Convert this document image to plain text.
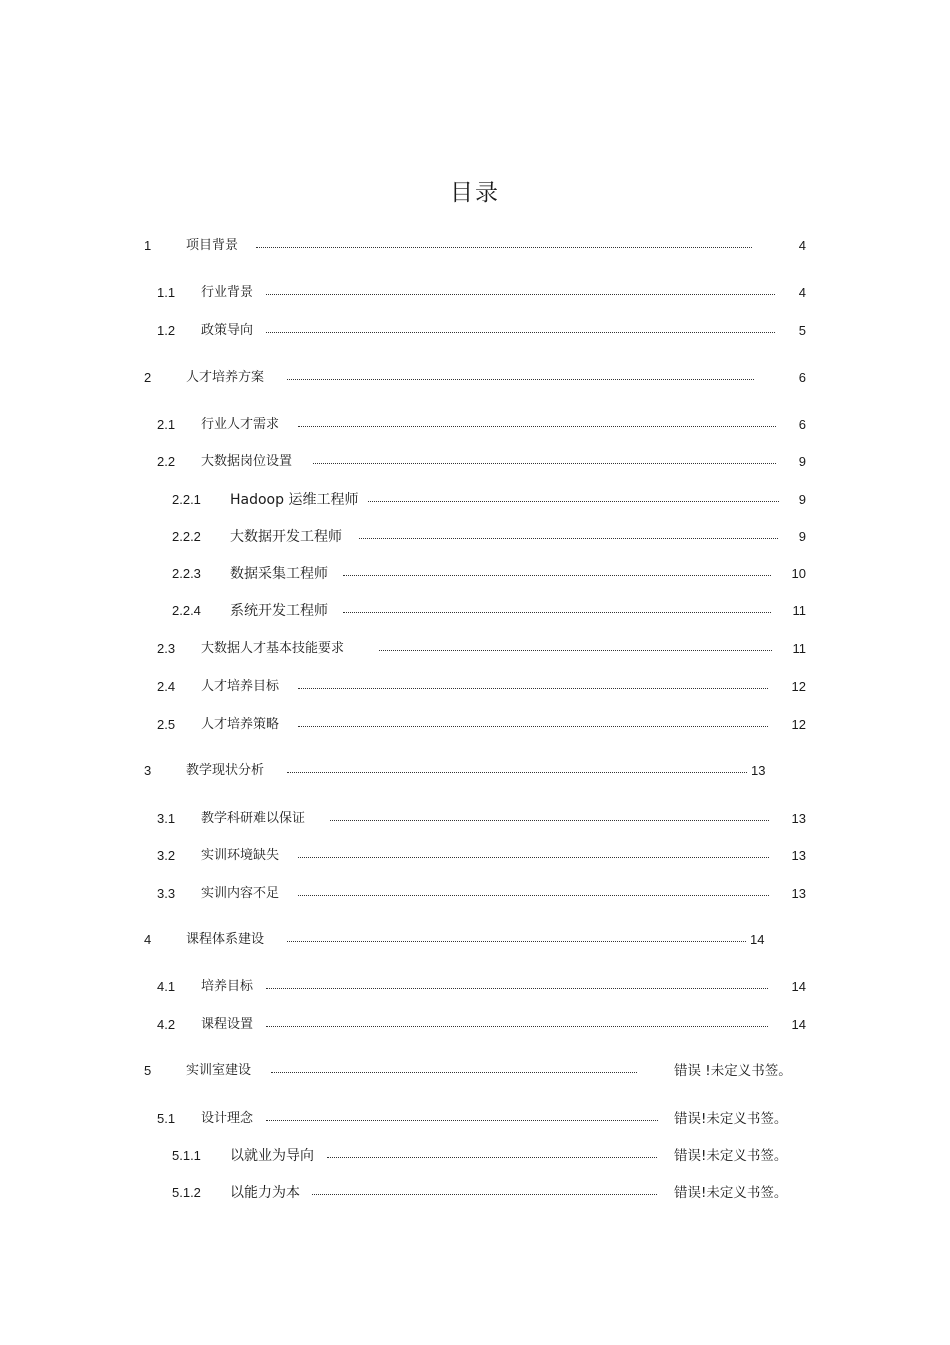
目录
1	项目背景	4
1.1 行业背景	4
1.2 政策导向	5
2	人才培养方案	6
2.1 行业人才需求	6
2.2 大数据岗位设置	9
2.2.1 Hadoop 运维工程师	9
2.2.2 大数据开发工程师	9
2.2.3 数据采集工程师	10
2.2.4 系统开发工程师	11
2.3 大数据人才基本技能要求	11
2.4 人才培养目标	12
2.5 人才培养策略	12
3	教学现状分析	13
3.1 教学科研难以保证	13
3.2 实训环境缺失	13
3.3 实训内容不足	13
4	课程体系建设	14
4.1 培养目标	14
4.2 课程设置	14
5	实训室建设	错误 !未定义书签。
5.1 设计理念	错误!未定义书签。
5.1.1 以就业为导向	错误!未定义书签。
5.1.2 以能力为本	错误!未定义书签。
